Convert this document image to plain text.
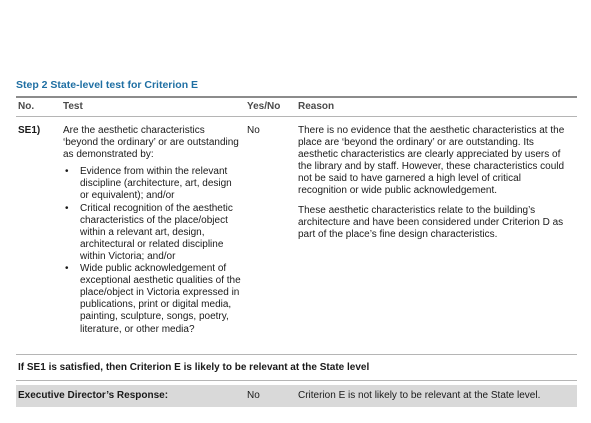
Step 2 State-level test for Criterion E
No.	Test	Yes/No Reason
SE1) Are the aesthetic characteristics ‘beyond the ordinary’ or are outstanding as demonstrated by:
• Evidence from within the relevant discipline (architecture, art, design or equivalent); and/or
• Critical recognition of the aesthetic characteristics of the place/object within a relevant art, design, architectural or related discipline within Victoria; and/or
• Wide public acknowledgement of exceptional aesthetic qualities of the place/object in Victoria expressed in publications, print or digital media, painting, sculpture, songs, poetry, literature, or other media?
No	There is no evidence that the aesthetic characteristics at the place are ‘beyond the ordinary’ or are outstanding. Its aesthetic characteristics are clearly appreciated by users of the library and by staff. However, these characteristics could not be said to have garnered a high level of critical recognition or wide public acknowledgement.

These aesthetic characteristics relate to the building’s architecture and have been considered under Criterion D as part of the place’s fine design characteristics.

If SE1 is satisfied, then Criterion E is likely to be relevant at the State level
Executive Director’s Response:	No	Criterion E is not likely to be relevant at the State level.
